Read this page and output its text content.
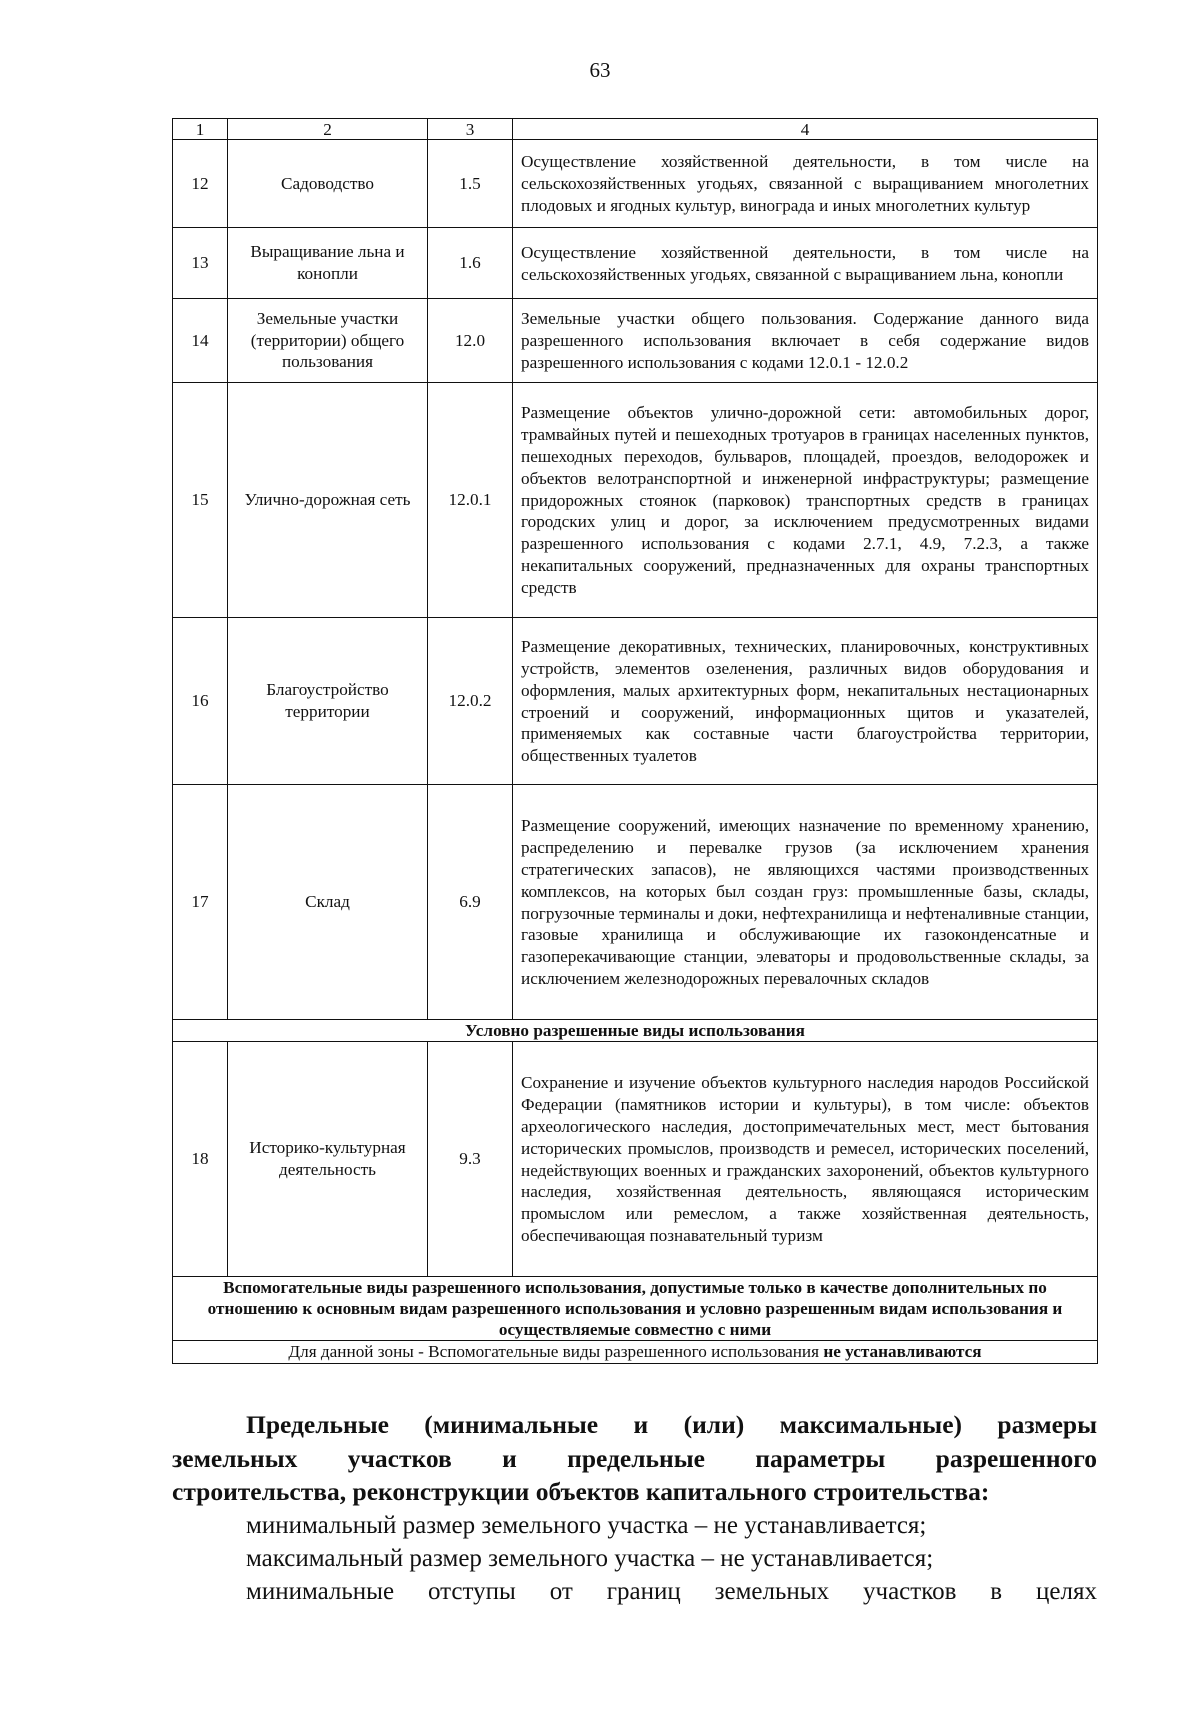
63
1	2	3	4
12	Садоводство	1.5	Осуществление хозяйственной деятельности, в том числе на сельскохозяйственных угодьях, связанной с выращиванием многолетних плодовых и ягодных культур, винограда и иных многолетних культур
13	Выращивание льна и конопли	1.6	Осуществление хозяйственной деятельности, в том числе на сельскохозяйственных угодьях, связанной с выращиванием льна, конопли
14	Земельные участки (территории) общего пользования	12.0	Земельные участки общего пользования. Содержание данного вида разрешенного использования включает в себя содержание видов разрешенного использования с кодами 12.0.1 - 12.0.2
15	Улично-дорожная сеть	12.0.1	Размещение объектов улично-дорожной сети: автомобильных дорог, трамвайных путей и пешеходных тротуаров в границах населенных пунктов, пешеходных переходов, бульваров, площадей, проездов, велодорожек и объектов велотранспортной и инженерной инфраструктуры; размещение придорожных стоянок (парковок) транспортных средств в границах городских улиц и дорог, за исключением предусмотренных видами разрешенного использования с кодами 2.7.1, 4.9, 7.2.3, а также некапитальных сооружений, предназначенных для охраны транспортных средств
16	Благоустройство территории	12.0.2	Размещение декоративных, технических, планировочных, конструктивных устройств, элементов озеленения, различных видов оборудования и оформления, малых архитектурных форм, некапитальных нестационарных строений и сооружений, информационных щитов и указателей, применяемых как составные части благоустройства территории, общественных туалетов
17	Склад	6.9	Размещение сооружений, имеющих назначение по временному хранению, распределению и перевалке грузов (за исключением хранения стратегических запасов), не являющихся частями производственных комплексов, на которых был создан груз: промышленные базы, склады, погрузочные терминалы и доки, нефтехранилища и нефтеналивные станции, газовые хранилища и обслуживающие их газоконденсатные и газоперекачивающие станции, элеваторы и продовольственные склады, за исключением железнодорожных перевалочных складов
Условно разрешенные виды использования			
18	Историко-культурная деятельность	9.3	Сохранение и изучение объектов культурного наследия народов Российской Федерации (памятников истории и культуры), в том числе: объектов археологического наследия, достопримечательных мест, мест бытования исторических промыслов, производств и ремесел, исторических поселений, недействующих военных и гражданских захоронений, объектов культурного наследия, хозяйственная деятельность, являющаяся историческим промыслом или ремеслом, а также хозяйственная деятельность, обеспечивающая познавательный туризм
Вспомогательные виды разрешенного использования, допустимые только в качестве дополнительных по отношению к основным видам разрешенного использования и условно разрешенным видам использования и осуществляемые совместно с ними			
Для данной зоны - Вспомогательные виды разрешенного использования не устанавливаются			
Предельные (минимальные и (или) максимальные) размеры
земельных участков и предельные параметры разрешенного
строительства, реконструкции объектов капитального строительства:
минимальный размер земельного участка – не устанавливается;
максимальный размер земельного участка – не устанавливается;
минимальные отступы от границ земельных участков в целях
